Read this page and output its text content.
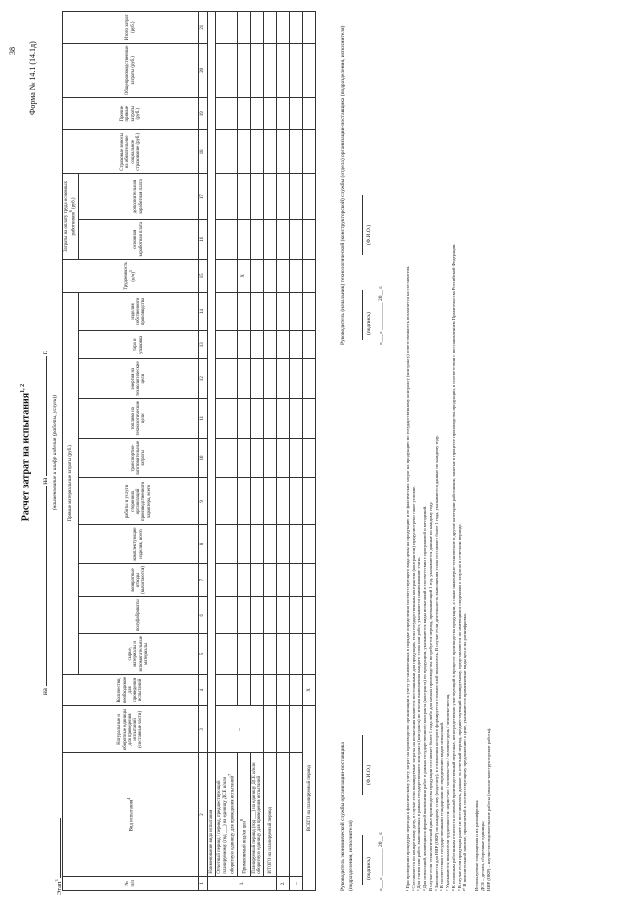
38 Форма № 14.1 (14.1д)
Расчет затрат на испытания$^{1, 2}$
на  на  г.
(наименование и шифр изделия (работы, услуги))
Этап$^3$
№ п/п	Вид испытания$^4$	Натуральные и оборотные единицы для проведения испытаний (составные части)	Количество, необходимое для проведения испытаний	Прямые материальные затраты (руб.)										Трудоемкость $(н/ч)^5$	Затраты на оплату труда основных работников$^6$ (руб.)		Страховые взносы на обязательное социальное страхование (руб.)	Прочие прямые затраты (руб.)	Общепроизводственные затраты (руб.)	Итого затрат (руб.)
				сырье, материалы и вспомогательные материалы	полуфабрикаты	возвратные отходы (вычитаются)	комплектующие изделия, всего	работы и услуги сторонних организаций производственного характера, всего	транспортно-заготовительные затраты	топливо на технологические цели	энергия на технологические цели	тара и упаковка	изделия собственного производства		основная заработная плата	дополнительная заработная плата				
1	2	3	4	5	6	7	8	9	10	11	12	13	14	15	16	17	18	19	20	21
1.	Наименование вида испытания																			
	Отчетный период / период, предшествующий планируемому (год ___) на единицу ДСЕ и/или оборотную единицу для проведения испытаний$^7$	...																		
	Применяемый вид/ки цен$^8$													X						
	Планируемый период (год ___) на единицу ДСЕ и/или оборотную единицу для проведения испытаний																			
	ИТОГО на планируемый период																			
2.																				
...																				
ВСЕГО на планируемый период			X																	
Руководитель экономической службы организации-поставщика (подразделения, исполнителя) (подпись)
(Ф.И.О.)
«___» __________ 20__ г.
Руководитель (начальник) технологической (конструкторской) службы (отдела) организации-поставщика (подразделения, исполнителя)	(подпись)
(Ф.И.О.)
«___» __________ 20__ г.	¹ При проведении процедуры перехода к фактическому учету затрат на производство организации к учету установленных в порядке определения соответствующего вида цены на продукцию и ее фактических затрат на продукцию по государственному контракту (контракту) ответственность возлагается на составителя. ² Составляется по конкретному делу, в случае если планируемые затраты на испытания являются постоянными для продукции, если государственным контрактом (контрактом) предусмотрено такое условие. ³ Для этапов или работ, выполняемых в рамках государственного контракта (контракта) по итогам выполнения каждого этапа или работ, указывается наименование этапа. ⁴ Для испытаний, являющихся формой выполнения работ в рамках государственного контракта (контракта) по продукции, указываются виды испытаний в соответствии с программой и методикой. В случае если технологический цикл производства продукции составляет более 1 года либо для начала производства потребуется период, превышающий 1 год, указываются данные по каждому году. ⁵ Заполняется для НИР (ОКР) по каждому этапу (подэтапу), в отношении которого формируется стоимостной показатель. В случае если деятельность выполнения этапа составляет более 1 года, указываются данные по каждому году. ⁶ В соответствии с государственными стандартами по определению видов испытаний. ⁷ Указываются показатели трудоемкости: нормо-час / человеко-час / человеко-день / человеко-месяц. ⁸ К основным работникам относится основной производственный персонал, непосредственно участвующий в процессе производства продукции, а также инженерно-технические и другие категории работников, занятые в процессе производства продукции, в соответствии с постановлением Правительства Российской Федерации. ⁹ В случае если продукция ранее не поставлялась, данные за отчетный период, предшествующий планируемому, представляются по имеющимся сведениям о затратах в отчетном периоде. ¹⁰ В пояснительной записке, прилагаемой к соответствующему предложению о цене, указываются применяемые виды цен и их расшифровка. Используемые сокращения и их расшифровка: ДСЕ – детали, сборочные единицы; НИР (ОКР) – научно-исследовательские работы (опытно-конструкторские работы).
